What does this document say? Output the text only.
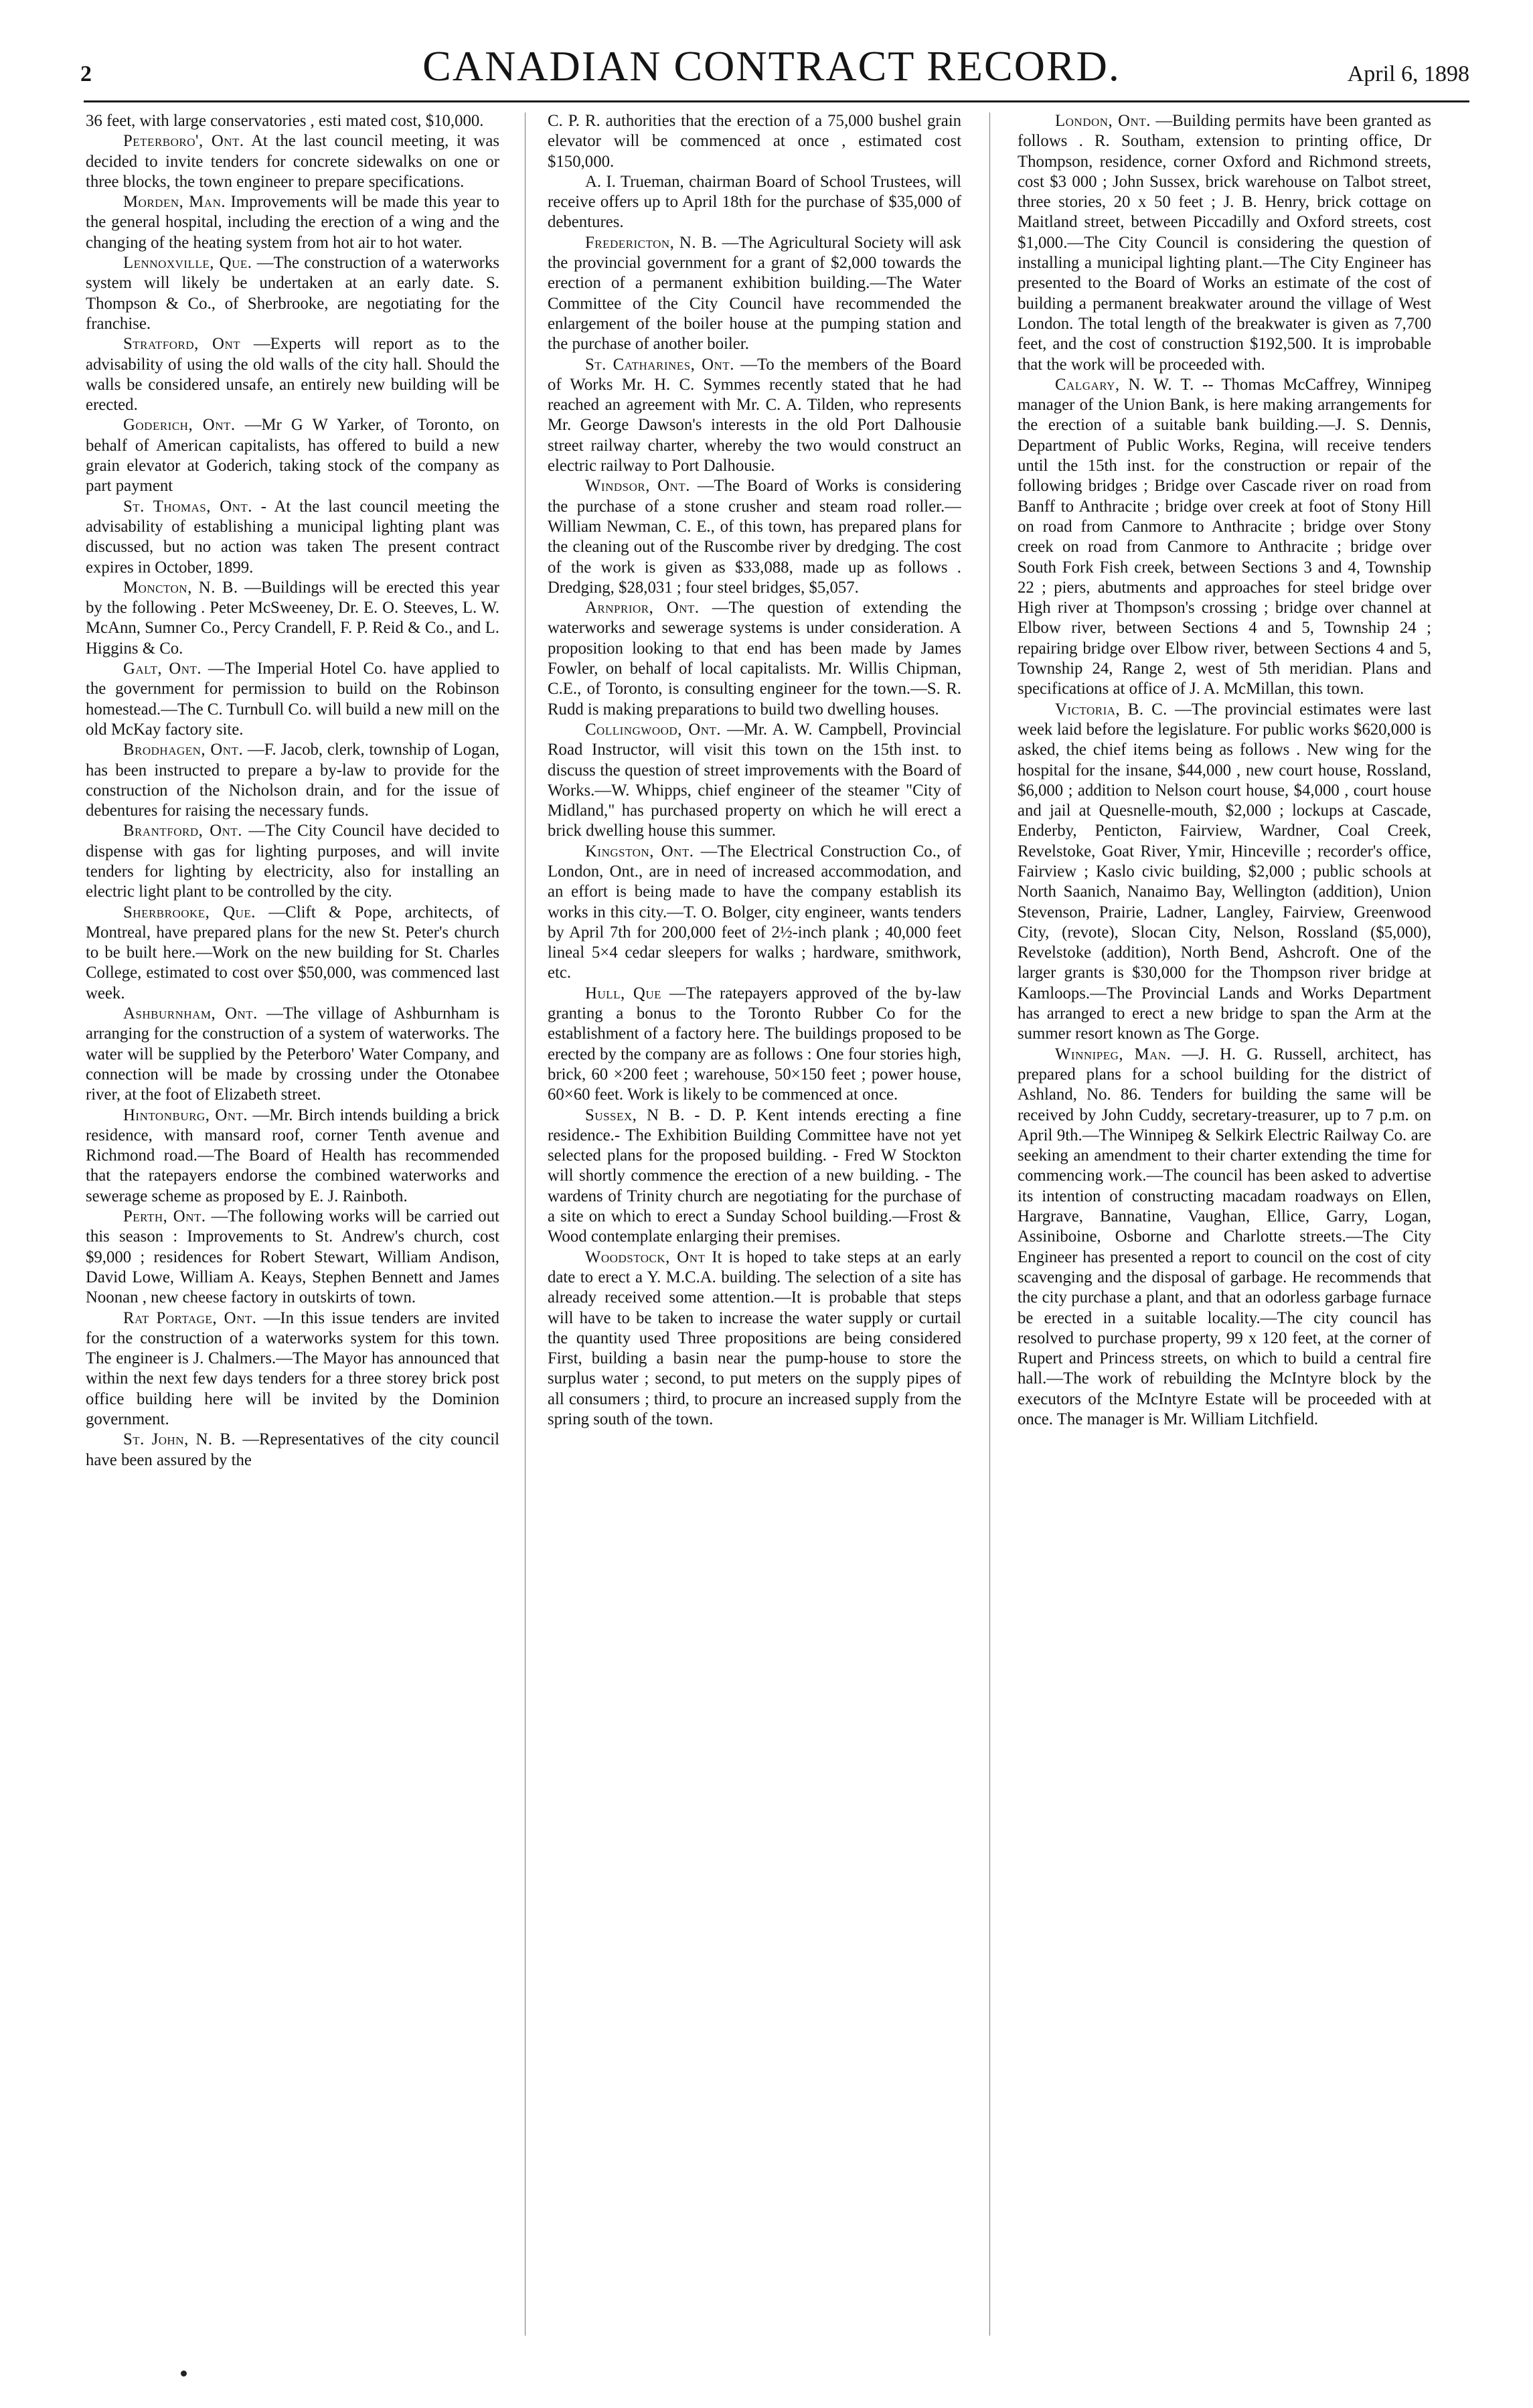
2	CANADIAN CONTRACT RECORD.	April 6, 1898

36 feet, with large conservatories , esti mated cost, $10,000.

Peterboro', Ont. At the last council meeting, it was decided to invite tenders for concrete sidewalks on one or three blocks, the town engineer to prepare specifications.

Morden, Man. Improvements will be made this year to the general hospital, including the erection of a wing and the changing of the heating system from hot air to hot water.

Lennoxville, Que. —The construction of a waterworks system will likely be undertaken at an early date. S. Thompson & Co., of Sherbrooke, are negotiating for the franchise.

Stratford, Ont —Experts will report as to the advisability of using the old walls of the city hall. Should the walls be considered unsafe, an entirely new building will be erected.

Goderich, Ont. —Mr G W Yarker, of Toronto, on behalf of American capitalists, has offered to build a new grain elevator at Goderich, taking stock of the company as part payment

St. Thomas, Ont. - At the last council meeting the advisability of establishing a municipal lighting plant was discussed, but no action was taken The present contract expires in October, 1899.

Moncton, N. B. —Buildings will be erected this year by the following . Peter McSweeney, Dr. E. O. Steeves, L. W. McAnn, Sumner Co., Percy Crandell, F. P. Reid & Co., and L. Higgins & Co.

Galt, Ont. —The Imperial Hotel Co. have applied to the government for permission to build on the Robinson homestead.—The C. Turnbull Co. will build a new mill on the old McKay factory site.

Brodhagen, Ont. —F. Jacob, clerk, township of Logan, has been instructed to prepare a by-law to provide for the construction of the Nicholson drain, and for the issue of debentures for raising the necessary funds.

Brantford, Ont. —The City Council have decided to dispense with gas for lighting purposes, and will invite tenders for lighting by electricity, also for installing an electric light plant to be controlled by the city.

Sherbrooke, Que. —Clift & Pope, architects, of Montreal, have prepared plans for the new St. Peter's church to be built here.—Work on the new building for St. Charles College, estimated to cost over $50,000, was commenced last week.

Ashburnham, Ont. —The village of Ashburnham is arranging for the construction of a system of waterworks. The water will be supplied by the Peterboro' Water Company, and connection will be made by crossing under the Otonabee river, at the foot of Elizabeth street.

Hintonburg, Ont. —Mr. Birch intends building a brick residence, with mansard roof, corner Tenth avenue and Richmond road.—The Board of Health has recommended that the ratepayers endorse the combined waterworks and sewerage scheme as proposed by E. J. Rainboth.

Perth, Ont. —The following works will be carried out this season : Improvements to St. Andrew's church, cost $9,000 ; residences for Robert Stewart, William Andison, David Lowe, William A. Keays, Stephen Bennett and James Noonan , new cheese factory in outskirts of town.

Rat Portage, Ont. —In this issue tenders are invited for the construction of a waterworks system for this town. The engineer is J. Chalmers.—The Mayor has announced that within the next few days tenders for a three storey brick post office building here will be invited by the Dominion government.

St. John, N. B. —Representatives of the city council have been assured by the

C. P. R. authorities that the erection of a 75,000 bushel grain elevator will be commenced at once , estimated cost $150,000.

A. I. Trueman, chairman Board of School Trustees, will receive offers up to April 18th for the purchase of $35,000 of debentures.

Fredericton, N. B. —The Agricultural Society will ask the provincial government for a grant of $2,000 towards the erection of a permanent exhibition building.—The Water Committee of the City Council have recommended the enlargement of the boiler house at the pumping station and the purchase of another boiler.

St. Catharines, Ont. —To the members of the Board of Works Mr. H. C. Symmes recently stated that he had reached an agreement with Mr. C. A. Tilden, who represents Mr. George Dawson's interests in the old Port Dalhousie street railway charter, whereby the two would construct an electric railway to Port Dalhousie.

Windsor, Ont. —The Board of Works is considering the purchase of a stone crusher and steam road roller.—William Newman, C. E., of this town, has prepared plans for the cleaning out of the Ruscombe river by dredging. The cost of the work is given as $33,088, made up as follows . Dredging, $28,031 ; four steel bridges, $5,057.

Arnprior, Ont. —The question of extending the waterworks and sewerage systems is under consideration. A proposition looking to that end has been made by James Fowler, on behalf of local capitalists. Mr. Willis Chipman, C.E., of Toronto, is consulting engineer for the town.—S. R. Rudd is making preparations to build two dwelling houses.

Collingwood, Ont. —Mr. A. W. Campbell, Provincial Road Instructor, will visit this town on the 15th inst. to discuss the question of street improvements with the Board of Works.—W. Whipps, chief engineer of the steamer "City of Midland," has purchased property on which he will erect a brick dwelling house this summer.

Kingston, Ont. —The Electrical Construction Co., of London, Ont., are in need of increased accommodation, and an effort is being made to have the company establish its works in this city.—T. O. Bolger, city engineer, wants tenders by April 7th for 200,000 feet of 2½-inch plank ; 40,000 feet lineal 5×4 cedar sleepers for walks ; hardware, smithwork, etc.

Hull, Que —The ratepayers approved of the by-law granting a bonus to the Toronto Rubber Co for the establishment of a factory here. The buildings proposed to be erected by the company are as follows : One four stories high, brick, 60 ×200 feet ; warehouse, 50×150 feet ; power house, 60×60 feet. Work is likely to be commenced at once.

Sussex, N B. - D. P. Kent intends erecting a fine residence.- The Exhibition Building Committee have not yet selected plans for the proposed building. - Fred W Stockton will shortly commence the erection of a new building. - The wardens of Trinity church are negotiating for the purchase of a site on which to erect a Sunday School building.—Frost & Wood contemplate enlarging their premises.

Woodstock, Ont It is hoped to take steps at an early date to erect a Y. M.C.A. building. The selection of a site has already received some attention.—It is probable that steps will have to be taken to increase the water supply or curtail the quantity used Three propositions are being considered First, building a basin near the pump-house to store the surplus water ; second, to put meters on the supply pipes of all consumers ; third, to procure an increased supply from the spring south of the town.

London, Ont. —Building permits have been granted as follows . R. Southam, extension to printing office, Dr Thompson, residence, corner Oxford and Richmond streets, cost $3 000 ; John Sussex, brick warehouse on Talbot street, three stories, 20 x 50 feet ; J. B. Henry, brick cottage on Maitland street, between Piccadilly and Oxford streets, cost $1,000.—The City Council is considering the question of installing a municipal lighting plant.—The City Engineer has presented to the Board of Works an estimate of the cost of building a permanent breakwater around the village of West London. The total length of the breakwater is given as 7,700 feet, and the cost of construction $192,500. It is improbable that the work will be proceeded with.

Calgary, N. W. T. -- Thomas McCaffrey, Winnipeg manager of the Union Bank, is here making arrangements for the erection of a suitable bank building.—J. S. Dennis, Department of Public Works, Regina, will receive tenders until the 15th inst. for the construction or repair of the following bridges ; Bridge over Cascade river on road from Banff to Anthracite ; bridge over creek at foot of Stony Hill on road from Canmore to Anthracite ; bridge over Stony creek on road from Canmore to Anthracite ; bridge over South Fork Fish creek, between Sections 3 and 4, Township 22 ; piers, abutments and approaches for steel bridge over High river at Thompson's crossing ; bridge over channel at Elbow river, between Sections 4 and 5, Township 24 ; repairing bridge over Elbow river, between Sections 4 and 5, Township 24, Range 2, west of 5th meridian. Plans and specifications at office of J. A. McMillan, this town.

Victoria, B. C. —The provincial estimates were last week laid before the legislature. For public works $620,000 is asked, the chief items being as follows . New wing for the hospital for the insane, $44,000 , new court house, Rossland, $6,000 ; addition to Nelson court house, $4,000 , court house and jail at Quesnelle-mouth, $2,000 ; lockups at Cascade, Enderby, Penticton, Fairview, Wardner, Coal Creek, Revelstoke, Goat River, Ymir, Hinceville ; recorder's office, Fairview ; Kaslo civic building, $2,000 ; public schools at North Saanich, Nanaimo Bay, Wellington (addition), Union Stevenson, Prairie, Ladner, Langley, Fairview, Greenwood City, (revote), Slocan City, Nelson, Rossland ($5,000), Revelstoke (addition), North Bend, Ashcroft. One of the larger grants is $30,000 for the Thompson river bridge at Kamloops.—The Provincial Lands and Works Department has arranged to erect a new bridge to span the Arm at the summer resort known as The Gorge.

Winnipeg, Man. —J. H. G. Russell, architect, has prepared plans for a school building for the district of Ashland, No. 86. Tenders for building the same will be received by John Cuddy, secretary-treasurer, up to 7 p.m. on April 9th.—The Winnipeg & Selkirk Electric Railway Co. are seeking an amendment to their charter extending the time for commencing work.—The council has been asked to advertise its intention of constructing macadam roadways on Ellen, Hargrave, Bannatine, Vaughan, Ellice, Garry, Logan, Assiniboine, Osborne and Charlotte streets.—The City Engineer has presented a report to council on the cost of city scavenging and the disposal of garbage. He recommends that the city purchase a plant, and that an odorless garbage furnace be erected in a suitable locality.—The city council has resolved to purchase property, 99 x 120 feet, at the corner of Rupert and Princess streets, on which to build a central fire hall.—The work of rebuilding the McIntyre block by the executors of the McIntyre Estate will be proceeded with at once. The manager is Mr. William Litchfield.
